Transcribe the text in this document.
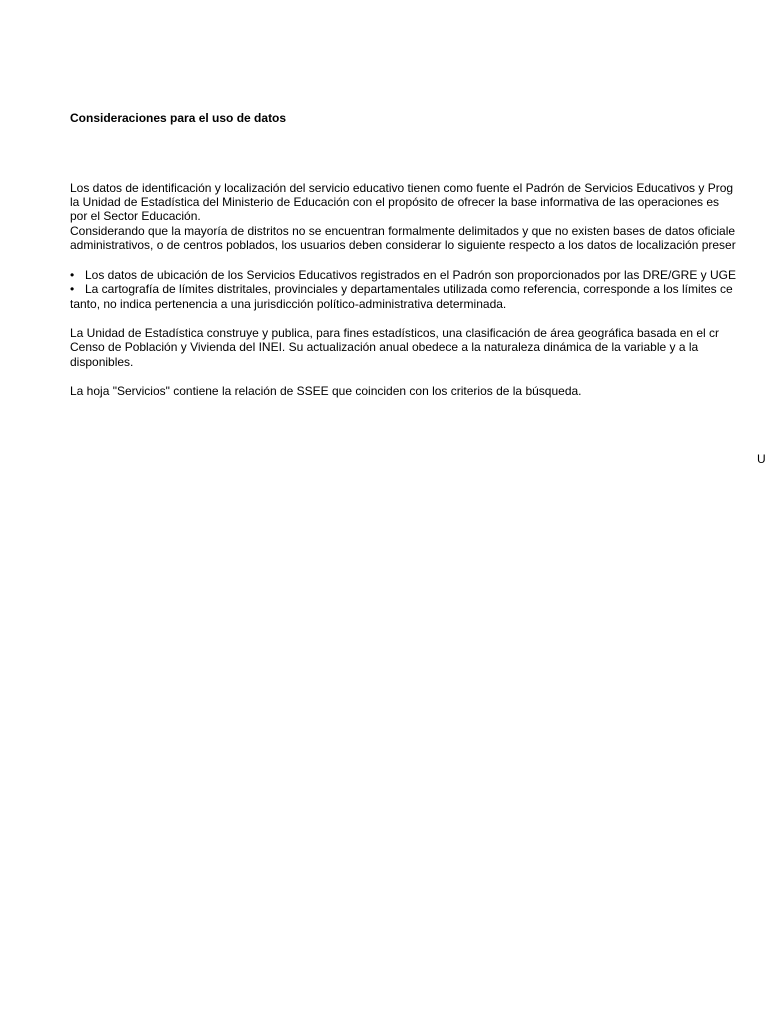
Consideraciones para el uso de datos
Los datos de identificación y localización del servicio educativo tienen como fuente el Padrón de Servicios Educativos y Prog
la Unidad de Estadística del Ministerio de Educación con el propósito de ofrecer la base informativa de las operaciones es
por el Sector Educación.
Considerando que la mayoría de distritos no se encuentran formalmente delimitados y que no existen bases de datos oficiale
administrativos, o de centros poblados, los usuarios deben considerar lo siguiente respecto a los datos de localización preser
• Los datos de ubicación de los Servicios Educativos registrados en el Padrón son proporcionados por las DRE/GRE y UGE
• La cartografía de límites distritales, provinciales y departamentales utilizada como referencia, corresponde a los límites ce
tanto, no indica pertenencia a una jurisdicción político-administrativa determinada.
La Unidad de Estadística construye y publica, para fines estadísticos, una clasificación de área geográfica basada en el cr
Censo de Población y Vivienda del INEI. Su actualización anual obedece a la naturaleza dinámica de la variable y a la
disponibles.
La hoja "Servicios" contiene la relación de SSEE que coinciden con los criterios de la búsqueda.
U
